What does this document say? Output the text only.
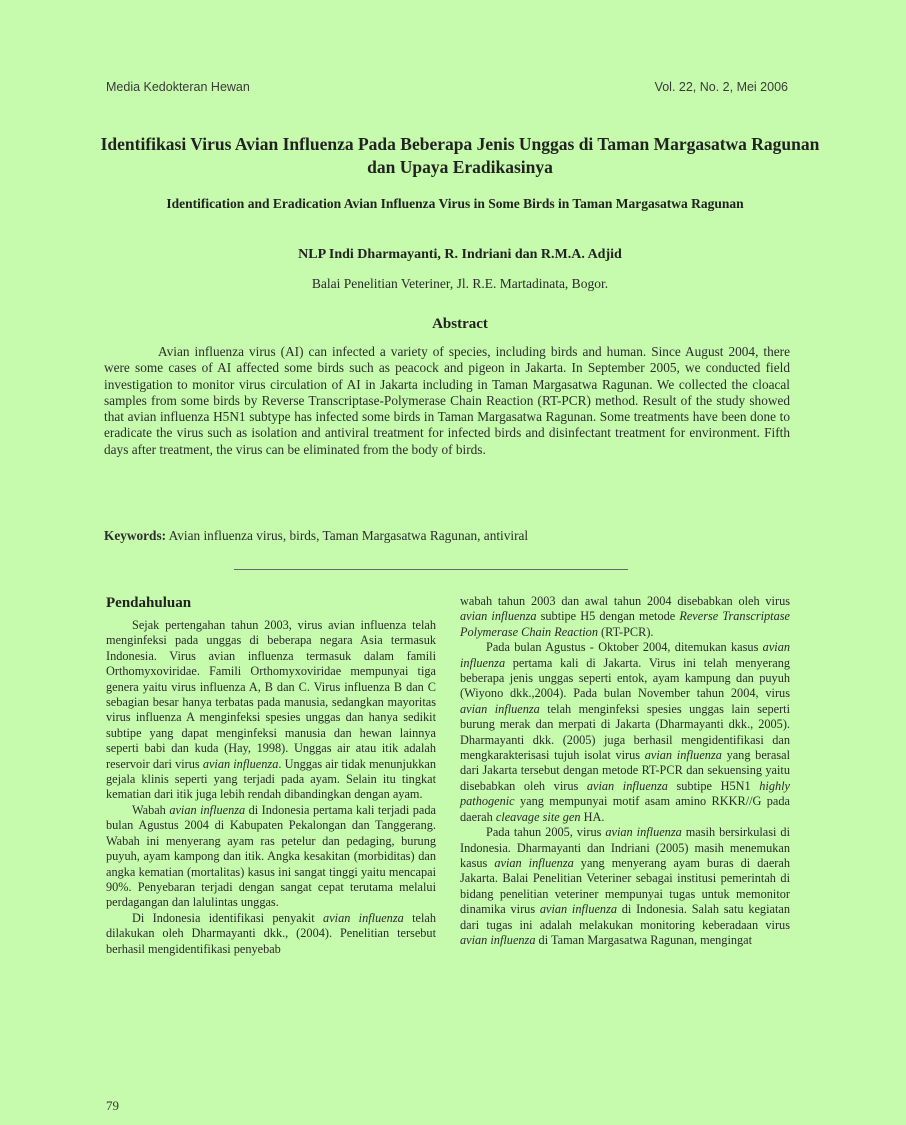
Media Kedokteran Hewan	Vol. 22, No. 2, Mei 2006
Identifikasi Virus Avian Influenza Pada Beberapa Jenis Unggas di Taman Margasatwa Ragunan dan Upaya Eradikasinya
Identification and Eradication Avian Influenza Virus in Some Birds in Taman Margasatwa Ragunan
NLP Indi Dharmayanti, R. Indriani dan R.M.A. Adjid
Balai Penelitian Veteriner, Jl. R.E. Martadinata, Bogor.
Abstract

Avian influenza virus (AI) can infected a variety of species, including birds and human. Since August 2004, there were some cases of AI affected some birds such as peacock and pigeon in Jakarta. In September 2005, we conducted field investigation to monitor virus circulation of AI in Jakarta including in Taman Margasatwa Ragunan. We collected the cloacal samples from some birds by Reverse Transcriptase-Polymerase Chain Reaction (RT-PCR) method. Result of the study showed that avian influenza H5N1 subtype has infected some birds in Taman Margasatwa Ragunan. Some treatments have been done to eradicate the virus such as isolation and antiviral treatment for infected birds and disinfectant treatment for environment. Fifth days after treatment, the virus can be eliminated from the body of birds.

Keywords: Avian influenza virus, birds, Taman Margasatwa Ragunan, antiviral

Pendahuluan

Sejak pertengahan tahun 2003, virus avian influenza telah menginfeksi pada unggas di beberapa negara Asia termasuk Indonesia. Virus avian influenza termasuk dalam famili Orthomyxoviridae. Famili Orthomyxoviridae mempunyai tiga genera yaitu virus influenza A, B dan C. Virus influenza B dan C sebagian besar hanya terbatas pada manusia, sedangkan mayoritas virus influenza A menginfeksi spesies unggas dan hanya sedikit subtipe yang dapat menginfeksi manusia dan hewan lainnya seperti babi dan kuda (Hay, 1998). Unggas air atau itik adalah reservoir dari virus avian influenza. Unggas air tidak menunjukkan gejala klinis seperti yang terjadi pada ayam. Selain itu tingkat kematian dari itik juga lebih rendah dibandingkan dengan ayam.

Wabah avian influenza di Indonesia pertama kali terjadi pada bulan Agustus 2004 di Kabupaten Pekalongan dan Tanggerang. Wabah ini menyerang ayam ras petelur dan pedaging, burung puyuh, ayam kampong dan itik. Angka kesakitan (morbiditas) dan angka kematian (mortalitas) kasus ini sangat tinggi yaitu mencapai 90%. Penyebaran terjadi dengan sangat cepat terutama melalui perdagangan dan lalulintas unggas.

Di Indonesia identifikasi penyakit avian influenza telah dilakukan oleh Dharmayanti dkk., (2004). Penelitian tersebut berhasil mengidentifikasi penyebab

wabah tahun 2003 dan awal tahun 2004 disebabkan oleh virus avian influenza subtipe H5 dengan metode Reverse Transcriptase Polymerase Chain Reaction (RT-PCR).

Pada bulan Agustus - Oktober 2004, ditemukan kasus avian influenza pertama kali di Jakarta. Virus ini telah menyerang beberapa jenis unggas seperti entok, ayam kampung dan puyuh (Wiyono dkk.,2004). Pada bulan November tahun 2004, virus avian influenza telah menginfeksi spesies unggas lain seperti burung merak dan merpati di Jakarta (Dharmayanti dkk., 2005). Dharmayanti dkk. (2005) juga berhasil mengidentifikasi dan mengkarakterisasi tujuh isolat virus avian influenza yang berasal dari Jakarta tersebut dengan metode RT-PCR dan sekuensing yaitu disebabkan oleh virus avian influenza subtipe H5N1 highly pathogenic yang mempunyai motif asam amino RKKR//G pada daerah cleavage site gen HA.

Pada tahun 2005, virus avian influenza masih bersirkulasi di Indonesia. Dharmayanti dan Indriani (2005) masih menemukan kasus avian influenza yang menyerang ayam buras di daerah Jakarta. Balai Penelitian Veteriner sebagai institusi pemerintah di bidang penelitian veteriner mempunyai tugas untuk memonitor dinamika virus avian influenza di Indonesia. Salah satu kegiatan dari tugas ini adalah melakukan monitoring keberadaan virus avian influenza di Taman Margasatwa Ragunan, mengingat

79
